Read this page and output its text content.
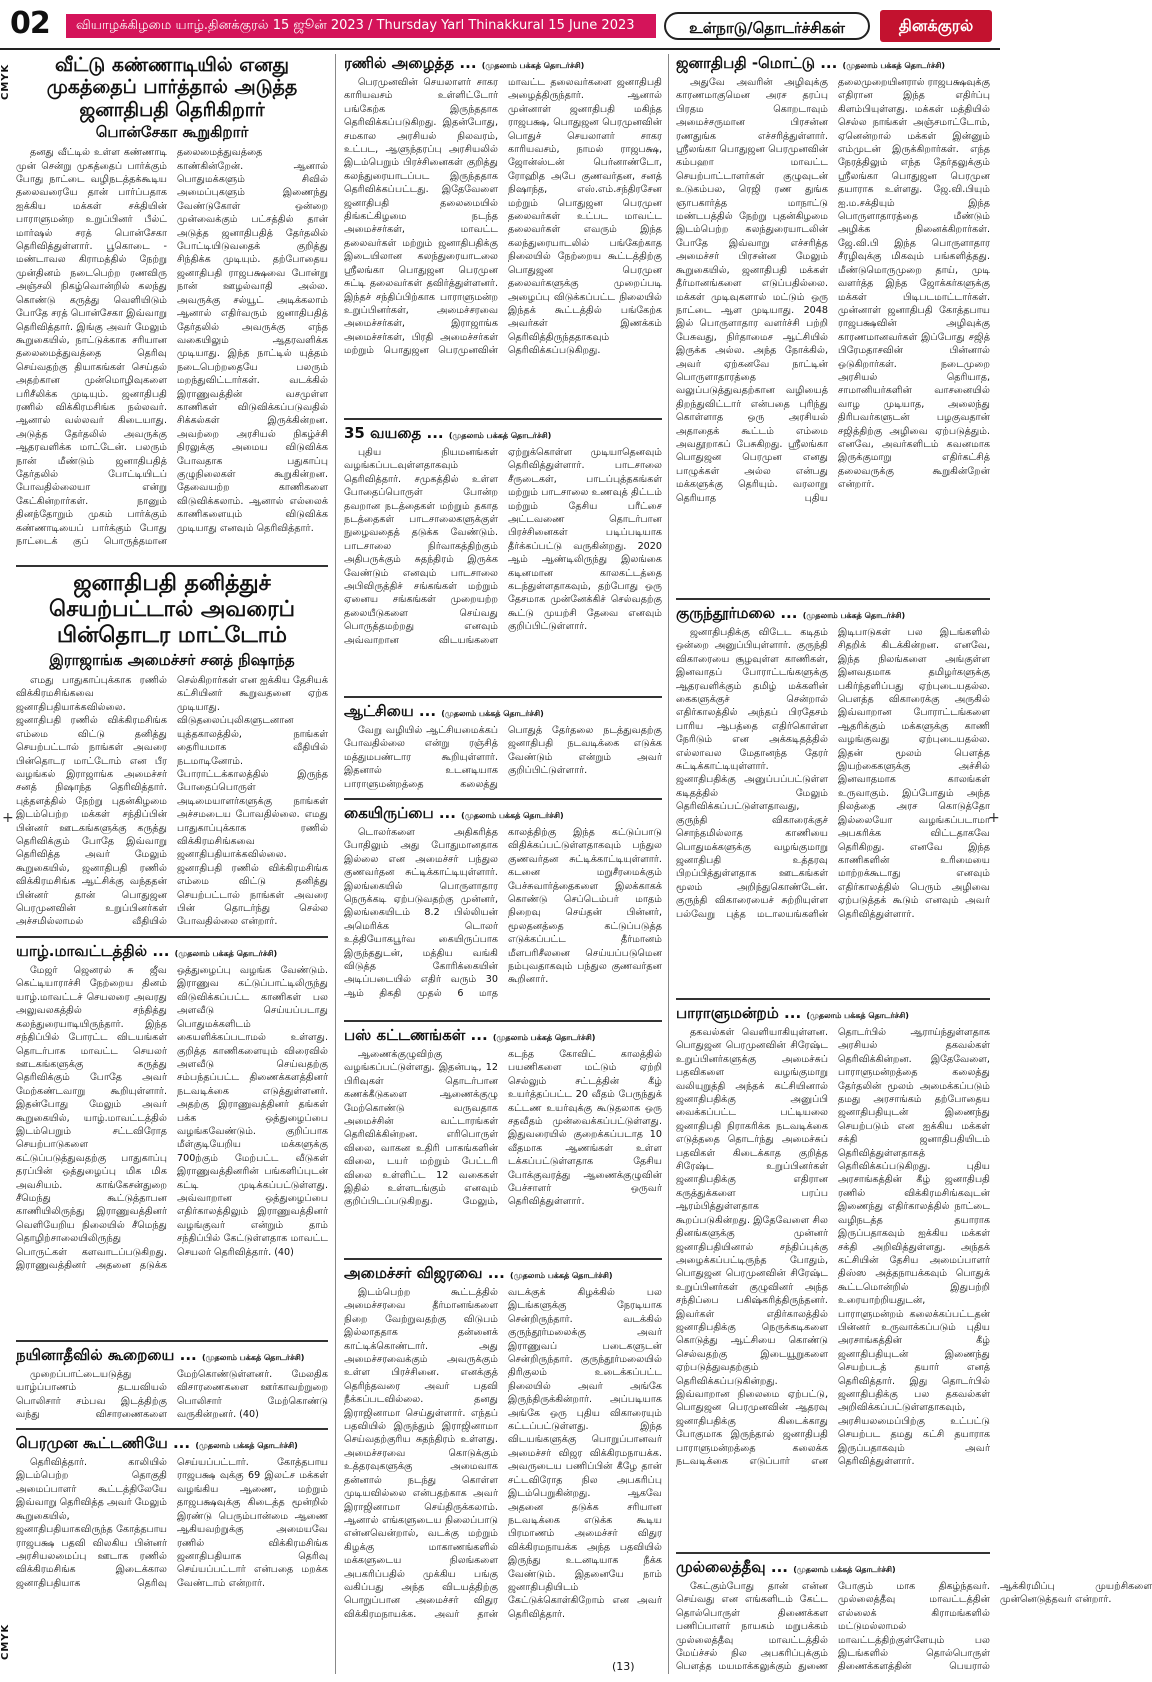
02	வியாழக்கிழமை யாழ்.தினக்குரல் 15 ஜூன் 2023 / Thursday Yarl Thinakkural 15 June 2023	உள்நாடு/தொடர்ச்சிகள்	தினக்குரல்
CMYK
CMYK
+	+
வீட்டு கண்ணாடியில் எனது முகத்தைப் பார்த்தால் அடுத்த ஜனாதிபதி தெரிகிறார்
பொன்சேகா கூறுகிறார்

தனது வீட்டில் உள்ள கண்ணாடி முன் சென்று முகத்தைப் பார்க்கும் போது நாட்டை வழிநடத்தக்கூடிய தலைவரையே தான் பார்ப்பதாக ஐக்கிய மக்கள் சக்தியின் பாராளுமன்ற உறுப்பினர் பீல்ட் மார்ஷல் சரத் பொன்சேகா தெரிவித்துள்ளார். பூகொடை - மண்டாவல கிராமத்தில் நேற்று முன்தினம் நடைபெற்ற ரணவிரு அஞ்சலி நிகழ்வொன்றில் கலந்து கொண்டு கருத்து வெளியிடும் போதே சரத் பொன்சேகா இவ்வாறு தெரிவித்தார். இங்கு அவர் மேலும் கூறுகையில், நாட்டுக்காக சரியான தலைமைத்துவத்தை தெரிவு செய்வதற்கு தியாகங்கள் செய்தல் அதற்கான முன்மொழிவுகளை பரிசீலிக்க முடியும். ஜனாதிபதி ரணில் விக்கிரமசிங்க நல்லவர். ஆனால் வல்லவர் கிடையாது. அடுத்த தேர்தலில் அவருக்கு ஆதரவளிக்க மாட்டேன். பலரும் நான் மீண்டும் ஜனாதிபதித் தேர்தலில் போட்டியிடப் போவதில்லையா என்று கேட்கின்றார்கள். நானும் தினந்தோறும் முகம் பார்க்கும் கண்ணாடியைப் பார்க்கும் போது நாட்டைக் குப் பொருத்தமான தலைமைத்துவத்தை காண்கின்றேன். ஆனால் பொதுமக்களும் சிவில் அமைப்புகளும் இணைந்து வேண்டுகோள் ஒன்றை முன்வைக்கும் பட்சத்தில் தான் அடுத்த ஜனாதிபதித் தேர்தலில் போட்டியிடுவதைக் குறித்து சிந்திக்க முடியும். தற்போதைய ஜனாதிபதி ராஜபக்ஷவை போன்று நான் ஊழல்வாதி அல்ல. அவருக்கு சல்யூட் அடிக்கலாம் ஆனால் எதிர்வரும் ஜனாதிபதித் தேர்தலில் அவருக்கு எந்த வகையிலும் ஆதரவளிக்க முடியாது. இந்த நாட்டில் யுத்தம் நடைபெற்றதையே பலரும் மறந்துவிட்டார்கள். வடக்கில் இராணுவத்தின் வசமுள்ள காணிகள் விடுவிக்கப்படுவதில் சிக்கல்கள் இருக்கின்றன. அவற்றை அரசியல் நிகழ்ச்சி நிரலுக்கு அமைய விடுவிக்க போவதாக பதுகாப்பு குழுநிலைகள் கூறுகின்றன. தேவையற்ற காணிகளை விடுவிக்கலாம். ஆனால் எல்லைக் காணிகளையும் விடுவிக்க முடியாது எனவும் தெரிவித்தார்.

ஜனாதிபதி தனித்துச் செயற்பட்டால் அவரைப் பின்தொடர மாட்டோம்
இராஜாங்க அமைச்சர் சனத் நிஷாந்த

எமது பாதுகாப்புக்காக ரணில் விக்கிரமசிங்கவை ஜனாதிபதியாக்கவில்லை. ஜனாதிபதி ரணில் விக்கிரமசிங்க எம்மை விட்டு தனித்து செயற்பட்டால் நாங்கள் அவரை பின்தொடர மாட்டோம் என பீர வழங்கல் இராஜாங்க அமைச்சர் சனத் நிஷாந்த தெரிவித்தார். புத்தளத்தில் நேற்று புதன்கிழமை இடம்பெற்ற மக்கள் சந்திப்பின் பின்னர் ஊடகங்களுக்கு கருத்து தெரிவிக்கும் போதே இவ்வாறு தெரிவித்த அவர் மேலும் கூறுகையில், ஜனாதிபதி ரணில் விக்கிரமசிங்க ஆட்சிக்கு வந்ததன் பின்னர் தான் பொதுஜன பெரமுனவின் உறுப்பினர்கள் அச்சமில்லாமல் வீதியில் செல்கிறார்கள் என ஐக்கிய தேசியக் கட்சியினர் கூறுவதனை ஏற்க முடியாது. விடுதலைப்புலிகளுடனான யுத்தகாலத்தில், நாங்கள் தைரியமாக வீதியில் நடமாடினோம். போராட்டக்காலத்தில் இருந்த போதைப்பொருள் அடிமையாளர்களுக்கு நாங்கள் அச்சமடைய போவதில்லை. எமது பாதுகாப்புக்காக ரணில் விக்கிரமசிங்கவை ஜனாதிபதியாக்கவில்லை. ஜனாதிபதி ரணில் விக்கிரமசிங்க எம்மை விட்டு தனித்து செயற்பட்டால் நாங்கள் அவரை பின் தொடர்ந்து செல்ல போவதில்லை என்றார்.

யாழ்.மாவட்டத்தில் ... (முதலாம் பக்கத் தொடர்ச்சி)

மேஜர் ஜெனரல் சு ஜீவ கெட்டியாராச்சி நேற்றைய தினம் யாழ்.மாவட்டச் செயலரை அவரது அலுவலகத்தில் சந்தித்து கலந்துரையாடியிருந்தார். இந்த சந்திப்பில் போரட்ட விடயங்கள் தொடர்பாக மாவட்ட செயலர் ஊடகங்களுக்கு கருத்து தெரிவிக்கும் போதே அவர் மேற்கண்டவாறு கூறியுள்ளார். இதன்போது மேலும் அவர் கூறுகையில், யாழ்.மாவட்டத்தில் இடம்பெறும் சட்டவிரோத செயற்பாடுகளை கட்டுப்படுத்துவதற்கு பாதுகாப்பு தரப்பின் ஒத்துழைப்பு மிக மிக அவசியம். காங்கேசன்துறை சீமெந்து கூட்டுத்தாபன காணியிலிருந்து இராணுவத்தினர் வெளியேறிய நிலையில் சீமெந்து தொழிற்சாலையிலிருந்து பொருட்கள் களவாடப்படுகிறது. இராணுவத்தினர் அதனை தடுக்க ஒத்துழைப்பு வழங்க வேண்டும். இராணுவ கட்டுப்பாட்டிலிருந்து விடுவிக்கப்பட்ட காணிகள் பல அளவீடு செய்யப்படாது பொதுமக்களிடம் கையளிக்கப்படாமல் உள்ளது. குறித்த காணிகளையும் விரைவில் அளவீடு செய்வதற்கு சம்பந்தப்பட்ட திணைக்களத்தினர் நடவடிக்கை எடுத்துள்ளனர். அதற்கு இராணுவத்தினர் தங்கள் பக்க ஒத்துழைப்பை வழங்கவேண்டும். குறிப்பாக மீள்குடியேறிய மக்களுக்கு 700ற்கும் மேற்பட்ட வீடுகள் இராணுவத்தினரின் பங்களிப்புடன் கட்டி முடிக்கப்பட்டுள்ளது. அவ்வாறான ஒத்துழைப்பை எதிர்காலத்திலும் இராணுவத்தினர் வழங்குவர் என்றும் தாம் சந்திப்பில் கேட்டுள்ளதாக மாவட்ட செயலர் தெரிவித்தார். (40)

நயினாதீவில் கூறையை ... (முதலாம் பக்கத் தொடர்ச்சி)

முறைப்பாட்டையடுத்து யாழ்ப்பாணம் தடயவியல் பொலிசார் சம்பவ இடத்திற்கு வந்து விசாரணைகளை மேற்கொண்டுள்ளனர். மேலதிக விசாரணைகளை ஊர்காவற்றுறை பொலிசார் மேற்கொண்டு வருகின்றனர். (40)

பெரமுன கூட்டணியே ... (முதலாம் பக்கத் தொடர்ச்சி)

தெரிவித்தார். காலியில் இடம்பெற்ற தொகுதி அமைப்பாளர் கூட்டத்திலேயே இவ்வாறு தெரிவித்த அவர் மேலும் கூறுகையில், ஜனாதிபதியாகவிருந்த கோத்தபாய ராஜபக்ஷ பதவி விலகிய பின்னர் அரசியலமைப்பு ஊடாக ரணில் விக்கிரமசிங்க இடைக்கால ஜனாதிபதியாக தெரிவு செய்யப்பட்டார். கோத்தபாய ராஜபக்ஷ வுக்கு 69 இலட்ச மக்கள் வழங்கிய ஆணை, மற்றும் தாஜபக்ஷவுக்கு கிடைத்த மூன்றில் இரண்டு பெரும்பான்மை ஆணை ஆகியவற்றுக்கு அமையவே ரணில் விக்கிரமசிங்க ஜனாதிபதியாக தெரிவு செய்யப்பட்டார் என்பதை மறக்க வேண்டாம் என்றார்.

ரணில் அழைத்த ... (முதலாம் பக்கத் தொடர்ச்சி)

பெரமுனவின் செயலாளர் சாகர காரியவசம் உள்ளிட்டோர் பங்கேற்க இருந்ததாக தெரிவிக்கப்படுகிறது. இதன்போது, சமகால அரசியல் நிலவரம், உட்பட, ஆளுந்தரப்பு அரசியலில் இடம்பெறும் பிரச்சினைகள் குறித்து கலந்துரையாடப்பட இருந்ததாக தெரிவிக்கப்பட்டது. இதேவேளை ஜனாதிபதி தலைமையில் திங்கட்கிழமை நடந்த அமைச்சர்கள், மாவட்ட தலைவர்கள் மற்றும் ஜனாதிபதிக்கு இடையிலான கலந்துரையாடலை ஸ்ரீலங்கா பொதுஜன பெரமுன சுட்டி தலைவர்கள் தவிர்த்துள்ளனர். இந்தச் சந்திப்பிற்காக பாராளுமன்ற உறுப்பினர்கள், அமைச்சரவை அமைச்சர்கள், இராஜாங்க அமைச்சர்கள், பிரதி அமைச்சர்கள் மற்றும் பொதுஜன பெரமுனவின் மாவட்ட தலைவர்களை ஜனாதிபதி அழைத்திருந்தார். ஆனால் முன்னாள் ஜனாதிபதி மகிந்த ராஜபக்ஷ, பொதுஜன பெரமுனவின் பொதுச் செயலாளர் சாகர காரியவசம், நாமல் ராஜபக்ஷ, ஜோன்ஸ்டன் பெர்னாண்டோ, ரோஹித அபே குணவர்தன, சனத் நிஷாந்த, எஸ்.எம்.சந்திரசேன மற்றும் பொதுஜன பெரமுன தலைவர்கள் உட்பட மாவட்ட தலைவர்கள் எவரும் இந்த கலந்துரையாடலில் பங்கேற்காத நிலையில் நேற்றைய கூட்டத்திற்கு பொதுஜன பெரமுன தலைவர்களுக்கு முறைப்படி அழைப்பு விடுக்கப்பட்ட நிலையில் இந்தக் கூட்டத்தில் பங்கேற்க அவர்கள் இணக்கம் தெரிவித்திருந்ததாகவும் தெரிவிக்கப்படுகிறது.

35 வயதை ... (முதலாம் பக்கத் தொடர்ச்சி)

புதிய நியமனங்கள் வழங்கப்படவுள்ளதாகவும் தெரிவித்தார். சமுகத்தில் உள்ள போதைப்பொருள் போன்ற தவறான நடத்தைகள் மற்றும் தகாத நடத்தைகள் பாடசாலைகளுக்குள் நுழைவதைத் தடுக்க வேண்டும். பாடசாலை நிர்வாகத்திற்கும் அதிபருக்கும் சுதந்திரம் இருக்க வேண்டும் எனவும் பாடசாலை அபிவிருத்திச் சங்கங்கள் மற்றும் ஏனைய சங்கங்கள் முறையற்ற தலையீடுகளை செய்வது பொருத்தமற்றது எனவும் அவ்வாறான விடயங்களை ஏற்றுக்கொள்ள முடியாதெனவும் தெரிவித்துள்ளார். பாடசாலை சீருடைகள், பாடப்புத்தகங்கள் மற்றும் பாடசாலை உணவுத் திட்டம் மற்றும் தேசிய பரீட்சை அட்டவணை தொடர்பான பிரச்சினைகள் படிப்படியாக தீர்க்கப்பட்டு வருகின்றது. 2020 ஆம் ஆண்டிலிருந்து இலங்கை கடினமான காலகட்டத்தை கடந்துள்ளதாகவும், தற்போது ஒரு தேசமாக முன்னேக்கிச் செல்வதற்கு கூட்டு முயற்சி தேவை எனவும் குறிப்பிட்டுள்ளார்.

ஆட்சியை ... (முதலாம் பக்கத் தொடர்ச்சி)

வேறு வழியில் ஆட்சியமைக்கப் போவதில்லை என்று ரஞ்சித் மத்துமபண்டார கூறியுள்ளார். இதனால் உடனடியாக பாராளுமன்றத்தை கலைத்து பொதுத் தேர்தலை நடத்துவதற்கு ஜனாதிபதி நடவடிக்கை எடுக்க வேண்டும் என்றும் அவர் குறிப்பிட்டுள்ளார்.

கையிருப்பை ... (முதலாம் பக்கத் தொடர்ச்சி)

டொலர்களை அதிகரித்த போதிலும் அது போதுமானதாக இல்லை என அமைச்சர் பந்துல குணவர்தன சுட்டிக்காட்டியுள்ளார். இலங்கையில் பொருளாதார நெருக்கடி ஏற்படுவதற்கு முன்னர், இலங்கையிடம் 8.2 பில்லியன் அமெரிக்க டொலர் உத்தியோகபூர்வ கையிருப்பாக இருந்ததுடன், மத்திய வங்கி விடுத்த கோரிக்கையின் அடிப்படையில் எதிர் வரும் 30 ஆம் திகதி முதல் 6 மாத காலத்திற்கு இந்த கட்டுப்பாடு விதிக்கப்பட்டுள்ளதாகவும் பந்துல குணவர்தன சுட்டிக்காட்டியுள்ளார். கடனை மறுசீரமைக்கும் பேச்சுவார்த்தைகளை இலக்காகக் கொண்டு செப்டெம்பர் மாதம் நிறைவு செய்தன் பின்னர், மூலதனத்தை கட்டுப்படுத்த எடுக்கப்பட்ட தீர்மானம் மீளபரிசீலனை செய்யப்படுமென நம்புவதாகவும் பந்துல குணவர்தன கூறினார்.

பஸ் கட்டணங்கள் ... (முதலாம் பக்கத் தொடர்ச்சி)

ஆணைக்குழுவிற்கு வழங்கப்பட்டுள்ளது. இதன்படி, 12 பிரிவுகள் தொடர்பான கணக்கீடுகளை ஆணைக்குழு மேற்கொண்டு வருவதாக அமைச்சின் வட்டாரங்கள் தெரிவிக்கின்றன. எரிபொருள் விலை, வாகன உதிரி பாகங்களின் விலை, டயர் மற்றும் பேட்டரி விலை உள்ளிட்ட 12 வகைகள் இதில் உள்ளடங்கும் எனவும் குறிப்பிடப்படுகிறது. மேலும், கடந்த கோவிட் காலத்தில் பயணிகளை மட்டும் ஏற்றி செல்லும் சட்டத்தின் கீழ் உயர்த்தப்பட்ட 20 வீதம் பேருந்துக் கட்டண உயர்வுக்கு கூடுதலாக ஒரு சதவீதம் முன்வைக்கப்பட்டுள்ளது. இதுவரையில் குறைக்கப்படாத 10 வீதமாக ஆணங்கள் உள்ள டக்கப்பட்டுள்ளதாக தேசிய போக்குவரத்து ஆணைக்குழுவின் பேச்சாளர் ஒருவர் தெரிவித்துள்ளார்.

அமைச்சர் விஜரவை ... (முதலாம் பக்கத் தொடர்ச்சி)

இடம்பெற்ற கூட்டத்தில் அமைச்சரவை தீர்மானங்களை நிறை வேற்றுவதற்கு விடுபம் இல்லாததாக தன்னைக் காட்டிக்கொண்டார். அது அமைச்சரவைக்கும் அவருக்கும் உள்ள பிரச்சினை. எனக்குத் தெரிந்தவரை அவர் பதவி நீக்கப்படவில்லை. தனது இராஜினாமா செய்துள்ளார். எந்தப் பதவியில் இருந்தும் இராஜினாமா செய்வதற்குரிய சுதந்திரம் உள்ளது. அமைச்சரவை கொடுக்கும் உத்தரவுகளுக்கு அமைவாக தன்னால் நடந்து கொள்ள முடியவில்லை என்பதற்காக அவர் இராஜினாமா செய்திருக்கலாம். ஆனால் எங்களுடைய நிலைப்பாடு என்னவென்றால், வடக்கு மற்றும் கிழக்கு மாகாணங்களில் மக்களுடைய நிலங்களை அபகரிப்பதில் முக்கிய பங்கு வகிப்பது அந்த விடயத்திற்கு பொறுப்பான அமைச்சர் விதுர விக்கிரமநாயக்க. அவர் தான் வடக்குக் கிழக்கில் பல இடங்களுக்கு நேரடியாக சென்றிருந்தார். வடக்கில் குருந்தூர்மலைக்கு அவர் இராணுவப் படைகளுடன் சென்றிருந்தார். குருந்தூர்மலையில் திரிகுலம் உடைக்கப்பட்ட நிலையில் அவர் அங்கே இருந்திருக்கின்றார். அப்படியாக அங்கே ஒரு புதிய விகாரையும் கட்டப்பட்டுள்ளது. இந்த விடயங்களுக்கு பொறுப்பானவர் அமைச்சர் விஜர விக்கிரமநாயக்க. அவருடைய பணிப்பின் கீழே தான் சட்டவிரோத நில அபகரிப்பு இடம்பெறுகின்றது. ஆகவே அதனை தடுக்க சரியான நடவடிக்கை எடுக்க கூடிய பிரமாணம் அமைச்சர் விதுர விக்கிரமநாயக்க அந்த பதவியில் இருந்து உடனடியாக நீக்க வேண்டும். இதனையே நாம் ஜனாதிபதியிடம் கேட்டுக்கொள்கிறோம் என அவர் தெரிவித்தார்.

(13)
ஜனாதிபதி -மொட்டு ... (முதலாம் பக்கத் தொடர்ச்சி)

அதுவே அவரின் அழிவுக்கு காரணமாகுமென அரச தரப்பு பிரதம கொறடாவும் அமைச்சருமான பிரசன்ன ரணதுங்க எச்சரித்துள்ளார். ஸ்ரீலங்கா பொதுஜன பெரமுனவின் கம்பஹா மாவட்ட செயற்பாட்டாளர்கள் குழுவுடன் உடுகம்பல, ரெஜி ரண துங்க ஞாபகார்த்த மாநாட்டு மண்டபத்தில் நேற்று புதன்கிழமை இடம்பெற்ற கலந்துரையாடலின் போதே இவ்வாறு எச்சரித்த அமைச்சர் பிரசன்ன மேலும் கூறுகையில், ஜனாதிபதி மக்கள் தீர்மானங்களை எடுப்பதில்லை. மக்கள் முடிவுகளால் மட்டும் ஒரு நாட்டை ஆள முடியாது. 2048 இல் பொருளாதார வளர்ச்சி பற்றி பேசுவது, நிர்தாமைச ஆட்சியில் இருக்க அல்ல. அந்த நோக்கில், அவர் ஏற்கனவே நாட்டின் பொருளாதாரத்தை வலுப்படுத்துவதற்கான வழியைத் திறந்துவிட்டார் என்பதை புரிந்து கொள்ளாத ஒரு அரசியல் அதாதைக் கூட்டம் எம்மை அவதூறாகப் பேசுகிறது. ஸ்ரீலங்கா பொதுஜன பெரமுன எனது பாழுக்கள் அல்ல என்பது மக்களுக்கு தெரியும். வரலாறு தெரியாத புதிய தலைமுறையினரால் ராஜபக்ஷவுக்கு எதிரான இந்த எதிர்ப்பு கிளம்பியுள்ளது. மக்கள் மத்தியில் செல்ல நாங்கள் அஞ்சமாட்டோம், ஏனென்றால் மக்கள் இன்னும் எம்முடன் இருக்கிறார்கள். எந்த நேரத்திலும் எந்த தேர்தலுக்கும் ஸ்ரீலங்கா பொதுஜன பெரமுன தயாராக உள்ளது. ஜே.வி.பியும் ஐ.ம.சக்தியும் இந்த பொருளாதாரத்தை மீண்டும் அழிக்க நினைக்கிறார்கள். ஜே.வி.பி இந்த பொருளாதார சீரழிவுக்கு மிகவும் பங்களித்தது. மீண்டுமொருமுறை தாய், முடி வளர்த்த இந்த ஜோக்கர்களுக்கு மக்கள் பிடிபடமாட்டார்கள். முன்னாள் ஜனாதிபதி கோத்தபாய ராஜபக்ஷவின் அழிவுக்கு காரணமானவர்கள் இப்போது சஜித் பிரேமதாசவின் பின்னால் ஒடுகிறார்கள். நடைமுறை அரசியல் தெரியாத, சாமானியர்களின் வாசனையில் வாழ முடியாத, அலைந்து திரிபவர்களுடன் பழகுவதான் சஜித்திற்கு அழிவை ஏற்படுத்தும். எனவே, அவர்களிடம் கவனமாக இருக்குமாறு எதிர்கட்சித் தலைவருக்கு கூறுகின்றேன் என்றார்.

குருந்தூர்மலை ... (முதலாம் பக்கத் தொடர்ச்சி)

ஜனாதிபதிக்கு விடேட கடிதம் ஒன்றை அனுப்பியுள்ளார். குருந்தி விகாரையை சூழவுள்ள காணிகள், இனவாதப் போராட்டங்களுக்கு ஆதரவளிக்கும் தமிழ் மக்களின் கைகளுக்குச் சென்றால் எதிர்காலத்தில் அந்தப் பிரதேசம் பாரிய ஆபத்தை எதிர்கொள்ள நேரிடும் என அக்கடிதத்தில் எல்லாவல மேதானந்த தேரர் சுட்டிக்காட்டியுள்ளார். ஜனாதிபதிக்கு அனுப்பப்பட்டுள்ள கடிதத்தில் மேலும் தெரிவிக்கப்பட்டுள்ளதாவது, குருந்தி விகாரைக்குச் சொந்தமில்லாத காணியை பொதுமக்களுக்கு வழங்குமாறு ஜனாதிபதி உத்தரவு பிறப்பித்துள்ளதாக ஊடகங்கள் மூலம் அறிந்துகொண்டேன். குருந்தி விகாரையைச் சுற்றியுள்ள பல்வேறு புத்த மடாலயங்களின் இடிபாடுகள் பல இடங்களில் சிதறிக் கிடக்கின்றன. எனவே, இந்த நிலங்களை அங்குள்ள இனவதமாக தமிழர்களுக்கு பகிர்ந்தளிப்பது ஏற்புடையதல்ல. பௌத்த விகாரைக்கு அருகில் இவ்வாறான போராட்டங்களை ஆதரிக்கும் மக்களுக்கு காணி வழங்குவது ஏற்புடையதல்ல. இதன் மூலம் பௌத்த இயற்கைகளுக்கு அச்சில் இனவாதமாக காலங்கள் உருவாகும். இப்போதும் அந்த நிலத்தை அரச கொடுத்தோ இல்லையோ வழங்கப்படாமா அபகரிக்க விட்டதாகவே தெரிகிறது. எனவே இந்த காணிகளின் உரிமையை மாற்றக்கூடாது எனவும் எதிர்காலத்தில் பெரும் அழிவை ஏற்படுத்தக் கூடும் எனவும் அவர் தெரிவித்துள்ளார்.

பாராளுமன்றம் ... (முதலாம் பக்கத் தொடர்ச்சி)

தகவல்கள் வெளியாகியுள்ளன. பொதுஜன பெரமுனவின் சிரேஷ்ட உறுப்பினர்களுக்கு அமைச்சுப் பதவிகளை வழங்குமாறு வலியுறுத்தி அந்தக் கட்சியினால் ஜனாதிபதிக்கு அனுப்பி வைக்கப்பட்ட பட்டியலை ஜனாதிபதி நிராகரிக்க நடவடிக்கை எடுத்ததை தொடர்ந்து அமைச்சுப் பதவிகள் கிடைக்காத குறித்த சிரேஷ்ட உறுப்பினர்கள் ஜனாதிபதிக்கு எதிரான கருத்துக்களை பரப்ப ஆரம்பித்துள்ளதாக கூறப்படுகின்றது. இதேவேளை சில தினங்களுக்கு முன்னர் ஜனாதிபதியினால் சந்திப்புக்கு அழைக்கப்பட்டிருந்த போதும், பொதுஜன பெரமுனவின் சிரேஷ்ட உறுப்பினர்கள் குழுவினர் அந்த சந்திப்பை பகிஷ்கரித்திருந்தனர். இவர்கள் எதிர்காலத்தில் ஜனாதிபதிக்கு நெருக்கடிகளை கொடுத்து ஆட்சியை கொண்டு செல்வதற்கு இடையூறுகளை ஏற்படுத்துவதற்கும் தெரிவிக்கப்படுகின்றது. இவ்வாறான நிலைமை ஏற்பட்டு, பொதுஜன பெரமுனவின் ஆதரவு ஜனாதிபதிக்கு கிடைக்காது போகுமாக இருந்தால் ஜனாதிபதி பாராளுமன்றத்தை கலைக்க நடவடிக்கை எடுப்பார் என தொடர்பில் ஆராய்ந்துள்ளதாக அரசியல் தகவல்கள் தெரிவிக்கின்றன. இதேவேளை, பாராளுமன்றத்தை கலைத்து தேர்தலின் மூலம் அமைக்கப்படும் தமது அரசாங்கம் தற்போதைய ஜனாதிபதியுடன் இணைந்து செயற்படும் என ஐக்கிய மக்கள் சக்தி ஜனாதிபதியிடம் தெரிவித்துள்ளதாகத் தெரிவிக்கப்படுகிறது. புதிய அரசாங்கத்தின் கீழ் ஜனாதிபதி ரணில் விக்கிரமசிங்கவுடன் இணைந்து எதிர்காலத்தில் நாட்டை வழிநடத்த தயாராக இருப்பதாகவும் ஐக்கிய மக்கள் சக்தி அறிவித்துள்ளது. அந்தக் கட்சியின் தேசிய அமைப்பாளர் திஸ்ஸ அத்தநாயக்கவும் பொதுக் கூட்டமொன்றில் இதுபற்றி உரையாற்றியதுடன், பாராளுமன்றம் கலைக்கப்பட்டதன் பின்னர் உருவாக்கப்படும் புதிய அரசாங்கத்தின் கீழ் ஜனாதிபதியுடன் இணைந்து செயற்படத் தயார் எனத் தெரிவித்தார். இது தொடர்பில் ஜனாதிபதிக்கு பல தகவல்கள் அறிவிக்கப்பட்டுள்ளதாகவும், அரசியலமைப்பிற்கு உட்பட்டு செயற்பட தமது கட்சி தயாராக இருப்பதாகவும் அவர் தெரிவித்துள்ளார்.

முல்லைத்தீவு ... (முதலாம் பக்கத் தொடர்ச்சி)

கேட்கும்போது தான் என்ன செய்வது என எங்களிடம் கேட்ட தொல்பொருள் திணைக்கள பணிப்பாளர் நாயகம் மறுபக்கம் முல்லைத்தீவு மாவட்டத்தில் மேய்ச்சல் நில அபகரிப்புக்கும் பௌத்த மயமாக்கலுக்கும் துணை போகும் மாக திகழ்ந்தவர். முல்லைத்தீவு மாவட்டத்தின் எல்லைக் கிராமங்களில் மட்டுமல்லாமல் மாவட்டத்திற்குள்ளேயும் பல இடங்களில் தொல்பொருள் திணைக்களத்தின் பெயரால் ஆக்கிரமிப்பு முயற்சிகளை முன்னெடுத்தவர் என்றார்.
